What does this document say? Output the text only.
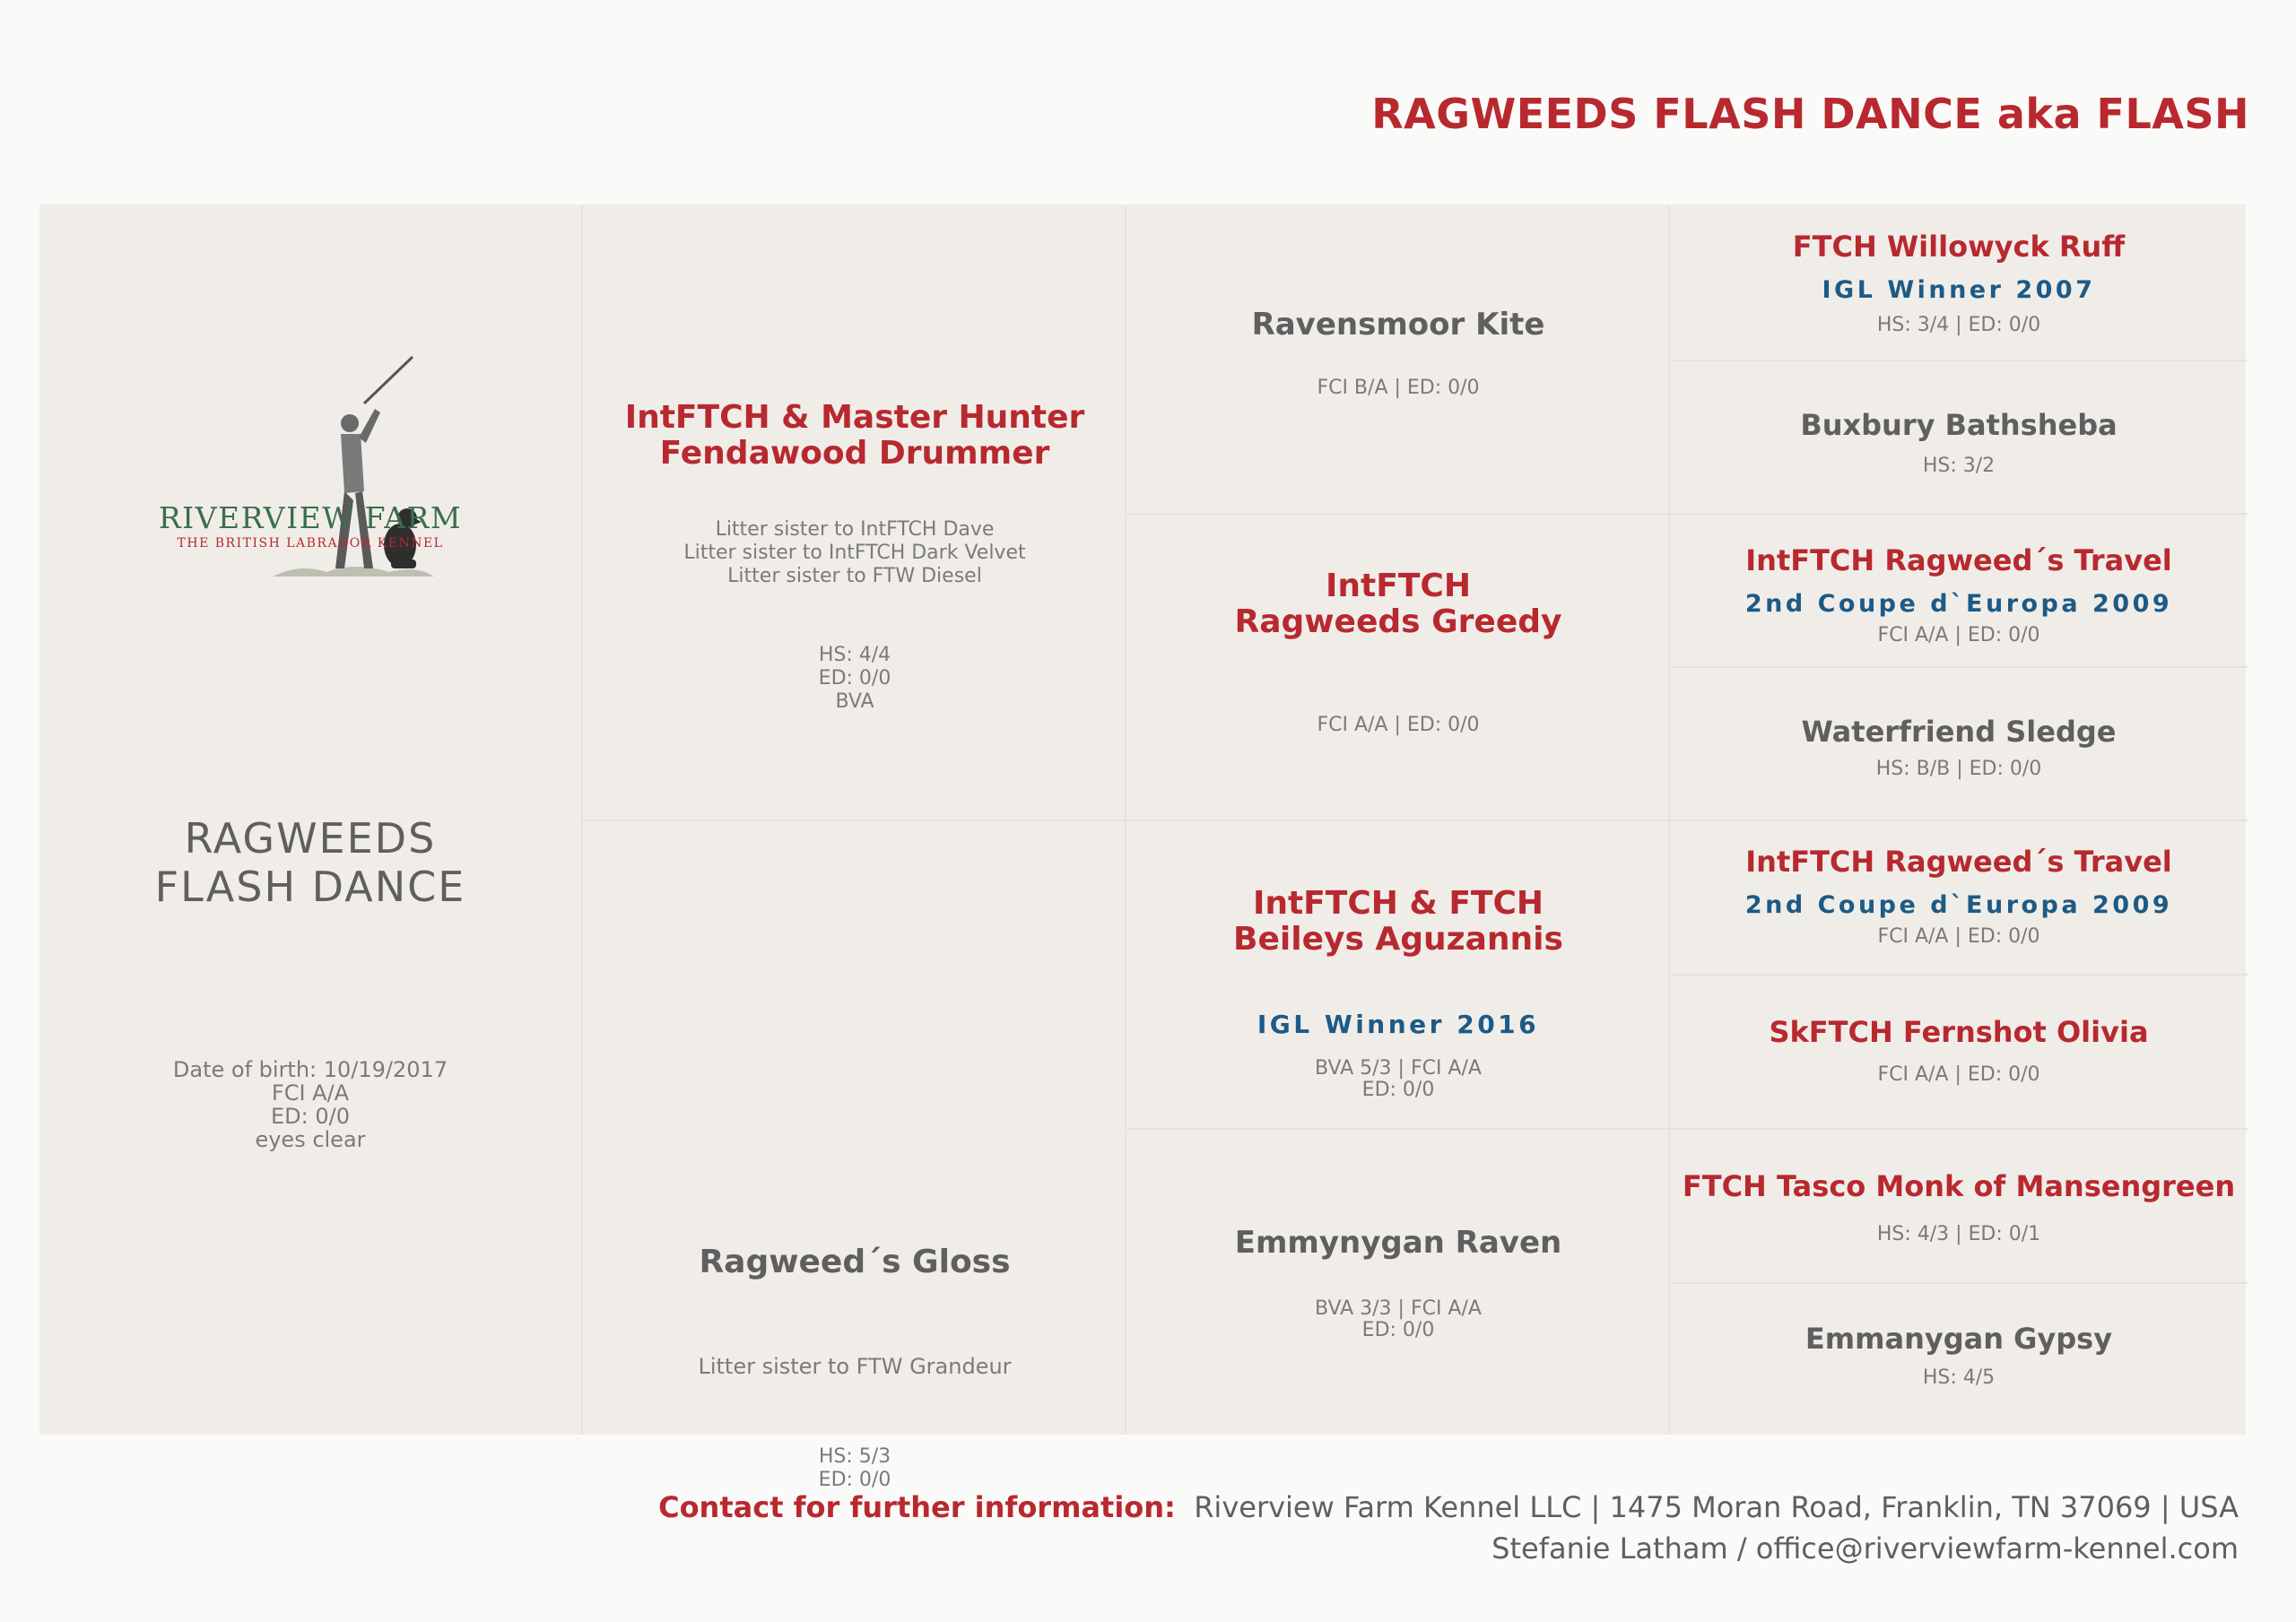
RAGWEEDS FLASH DANCE aka FLASH
RIVERVIEW FARM
THE BRITISH LABRADOR KENNEL
RAGWEEDS
FLASH DANCE
Date of birth: 10/19/2017
FCI A/A
ED: 0/0
eyes clear
IntFTCH & Master Hunter
Fendawood Drummer
Litter sister to IntFTCH Dave
Litter sister to IntFTCH Dark Velvet
Litter sister to FTW Diesel
HS: 4/4
ED: 0/0
BVA
Ragweed´s Gloss
Litter sister to FTW Grandeur
HS: 5/3
ED: 0/0
Ravensmoor Kite
FCI B/A | ED: 0/0
IntFTCH
Ragweeds Greedy
FCI A/A | ED: 0/0
IntFTCH & FTCH
Beileys Aguzannis
IGL Winner 2016
BVA 5/3 | FCI A/A
ED: 0/0
Emmynygan Raven
BVA 3/3 | FCI A/A
ED: 0/0
FTCH Willowyck Ruff
IGL Winner 2007
HS: 3/4 | ED: 0/0
Buxbury Bathsheba
HS: 3/2
IntFTCH Ragweed´s Travel
2nd Coupe d`Europa 2009
FCI A/A | ED: 0/0
Waterfriend Sledge
HS: B/B | ED: 0/0
IntFTCH Ragweed´s Travel
2nd Coupe d`Europa 2009
FCI A/A | ED: 0/0
SkFTCH Fernshot Olivia
FCI A/A | ED: 0/0
FTCH Tasco Monk of Mansengreen
HS: 4/3 | ED: 0/1
Emmanygan Gypsy
HS: 4/5
Contact for further information: Riverview Farm Kennel LLC | 1475 Moran Road, Franklin, TN 37069 | USA
Stefanie Latham / office@riverviewfarm-kennel.com
